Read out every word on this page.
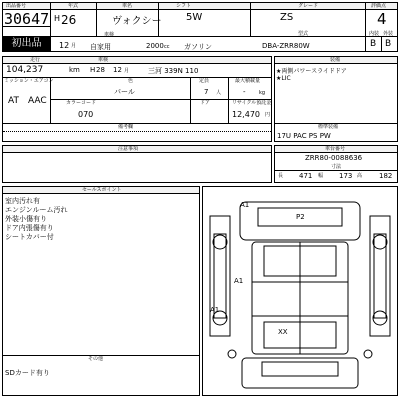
出品番号
30647
年式
H 26
車名
ヴォクシー
シフト
5W
グレード
ZS
評価点
4
初出品	12 月
車検
自家用	2000 cc ガソリン
型式
DBA-ZRR80W
内装 外装
B B
走行	車検
104,237	km H 28 12 月	三河 339N 110
ミッション・エアコン	色	定員	最大積載量
AT AAC
パール	7 人	-	kg
カラーコード	ドア	リサイクル預託金
070	12,470 円
備考欄
装備
★両側パワースライドドア
★LIC
標準装備
17U PAC PS PW
注意事項	車台番号
ZRR80-0088636
寸法
長 471 幅 173 高 182
セールスポイント
室内汚れ有
エンジンルーム汚れ
外装小傷有り
ドア内張傷有り
シートカバー付
その他
SDカード有り
A1
P2
A1
A1
XX
